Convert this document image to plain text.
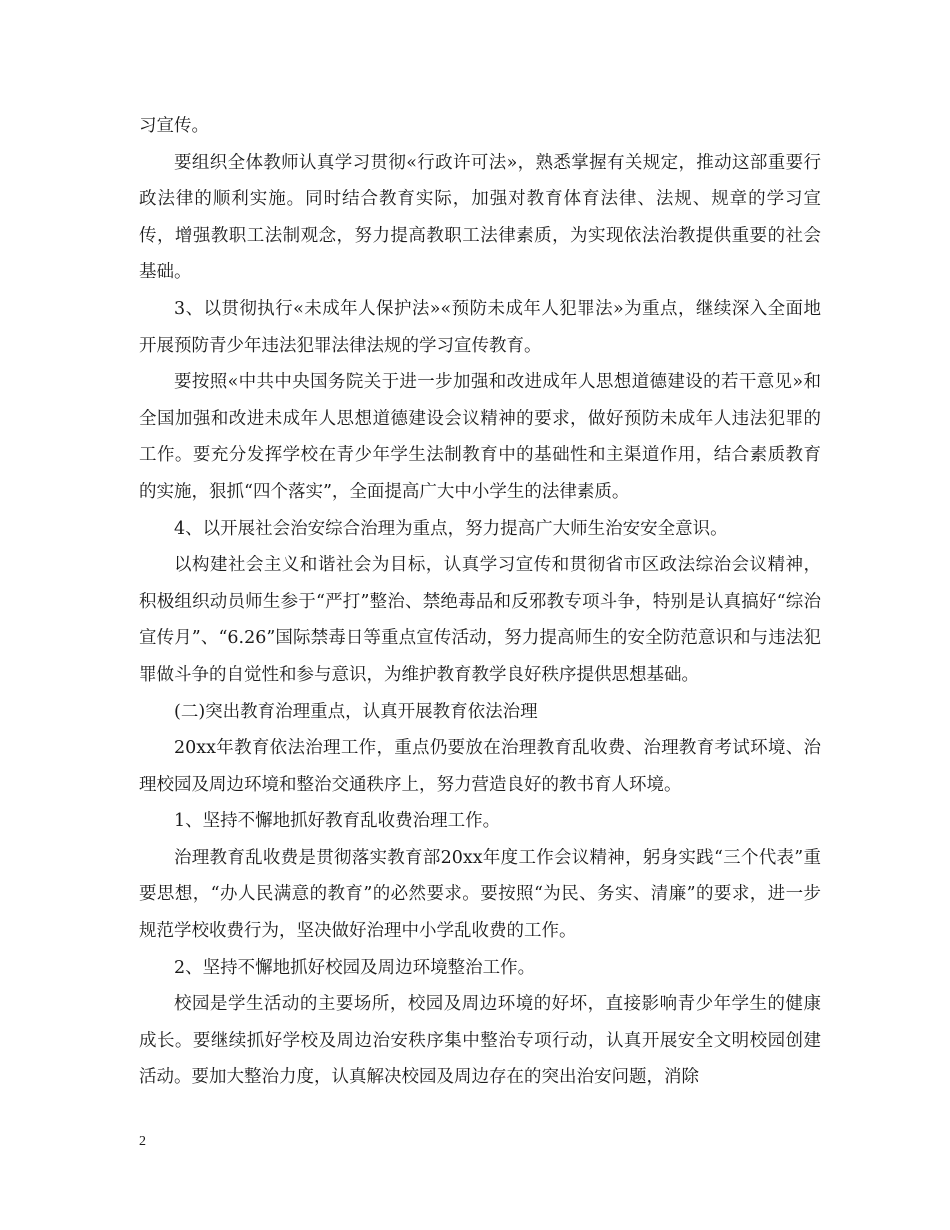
习宣传。

要组织全体教师认真学习贯彻«行政许可法»，熟悉掌握有关规定，推动这部重要行政法律的顺利实施。同时结合教育实际，加强对教育体育法律、法规、规章的学习宣传，增强教职工法制观念，努力提高教职工法律素质，为实现依法治教提供重要的社会基础。

3、以贯彻执行«未成年人保护法»«预防未成年人犯罪法»为重点，继续深入全面地开展预防青少年违法犯罪法律法规的学习宣传教育。

要按照«中共中央国务院关于进一步加强和改进成年人思想道德建设的若干意见»和全国加强和改进未成年人思想道德建设会议精神的要求，做好预防未成年人违法犯罪的工作。要充分发挥学校在青少年学生法制教育中的基础性和主渠道作用，结合素质教育的实施，狠抓“四个落实”，全面提高广大中小学生的法律素质。

4、以开展社会治安综合治理为重点，努力提高广大师生治安安全意识。

以构建社会主义和谐社会为目标，认真学习宣传和贯彻省市区政法综治会议精神，积极组织动员师生参于“严打”整治、禁绝毒品和反邪教专项斗争，特别是认真搞好“综治宣传月”、“6.26”国际禁毒日等重点宣传活动，努力提高师生的安全防范意识和与违法犯罪做斗争的自觉性和参与意识，为维护教育教学良好秩序提供思想基础。

(二)突出教育治理重点，认真开展教育依法治理

20xx年教育依法治理工作，重点仍要放在治理教育乱收费、治理教育考试环境、治理校园及周边环境和整治交通秩序上，努力营造良好的教书育人环境。

1、坚持不懈地抓好教育乱收费治理工作。

治理教育乱收费是贯彻落实教育部20xx年度工作会议精神，躬身实践“三个代表”重要思想，“办人民满意的教育”的必然要求。要按照“为民、务实、清廉”的要求，进一步规范学校收费行为，坚决做好治理中小学乱收费的工作。

2、坚持不懈地抓好校园及周边环境整治工作。

校园是学生活动的主要场所，校园及周边环境的好坏，直接影响青少年学生的健康成长。要继续抓好学校及周边治安秩序集中整治专项行动，认真开展安全文明校园创建活动。要加大整治力度，认真解决校园及周边存在的突出治安问题，消除

2
